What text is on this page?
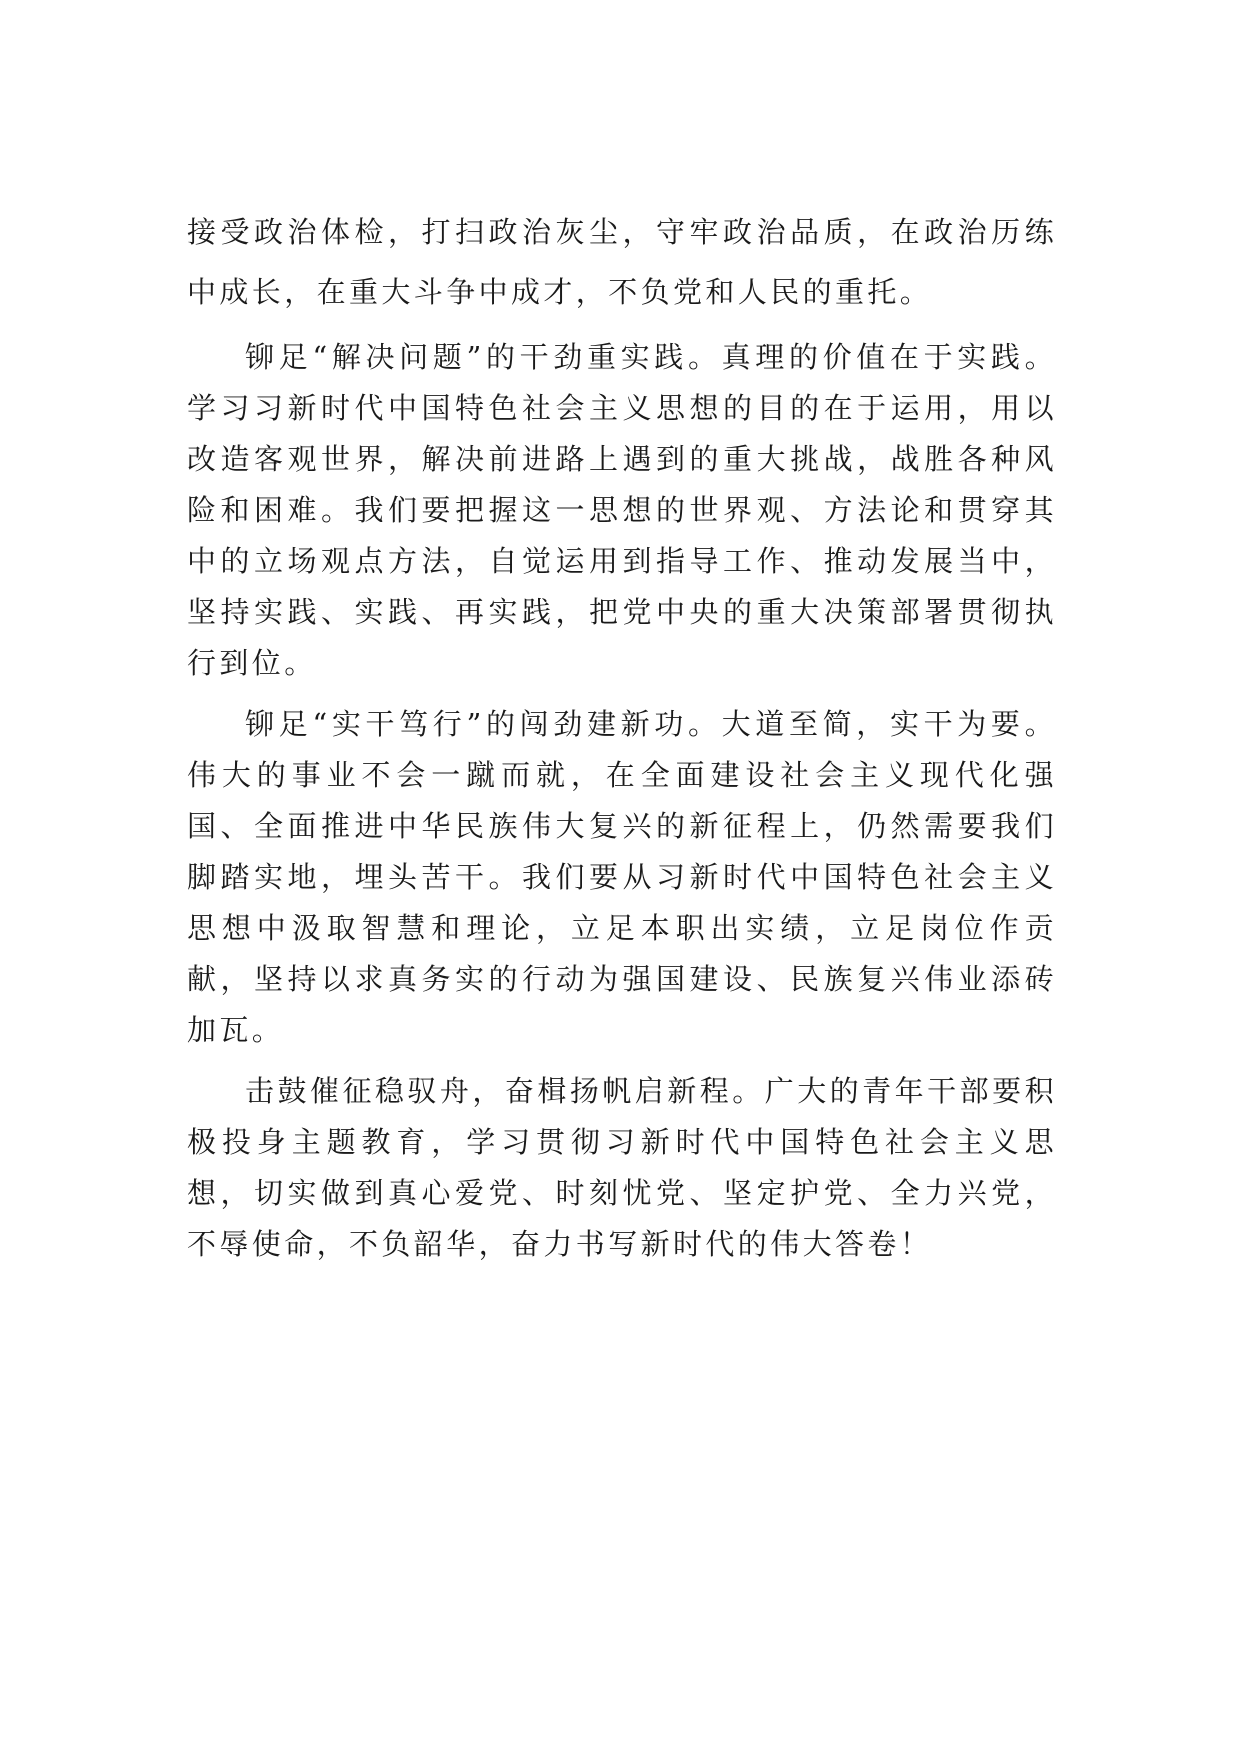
接受政治体检，打扫政治灰尘，守牢政治品质，在政治历练中成长，在重大斗争中成才，不负党和人民的重托。

铆足“解决问题”的干劲重实践。真理的价值在于实践。学习习新时代中国特色社会主义思想的目的在于运用，用以改造客观世界，解决前进路上遇到的重大挑战，战胜各种风险和困难。我们要把握这一思想的世界观、方法论和贯穿其中的立场观点方法，自觉运用到指导工作、推动发展当中，坚持实践、实践、再实践，把党中央的重大决策部署贯彻执行到位。

铆足“实干笃行”的闯劲建新功。大道至简，实干为要。伟大的事业不会一蹴而就，在全面建设社会主义现代化强国、全面推进中华民族伟大复兴的新征程上，仍然需要我们脚踏实地，埋头苦干。我们要从习新时代中国特色社会主义思想中汲取智慧和理论，立足本职出实绩，立足岗位作贡献，坚持以求真务实的行动为强国建设、民族复兴伟业添砖加瓦。

击鼓催征稳驭舟，奋楫扬帆启新程。广大的青年干部要积极投身主题教育，学习贯彻习新时代中国特色社会主义思想，切实做到真心爱党、时刻忧党、坚定护党、全力兴党，不辱使命，不负韶华，奋力书写新时代的伟大答卷！
